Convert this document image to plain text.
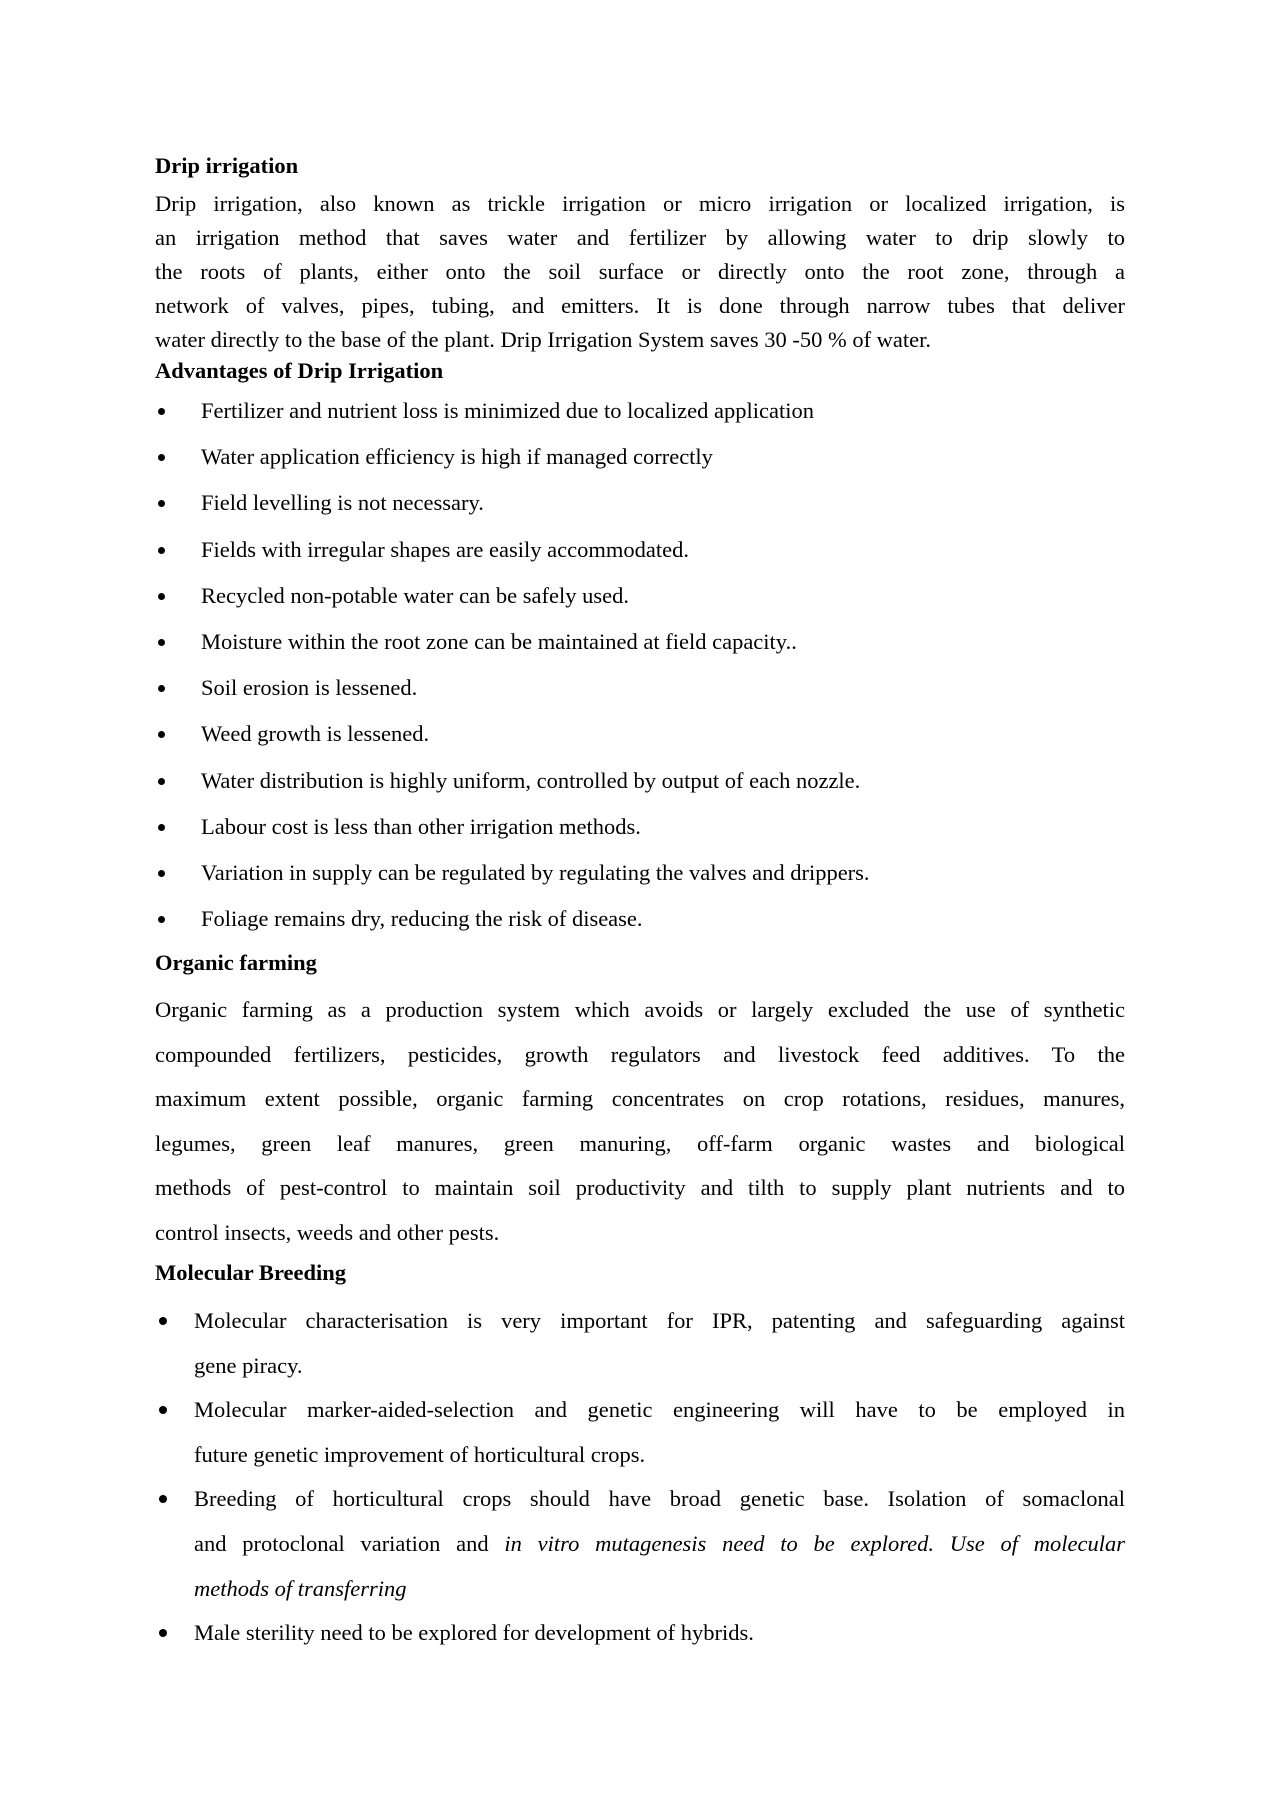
Drip irrigation
Drip irrigation, also known as trickle irrigation or micro irrigation or localized irrigation, is
an irrigation method that saves water and fertilizer by allowing water to drip slowly to
the roots of plants, either onto the soil surface or directly onto the root zone, through a
network of valves, pipes, tubing, and emitters. It is done through narrow tubes that deliver
water directly to the base of the plant. Drip Irrigation System saves 30 -50 % of water.
Advantages of Drip Irrigation
Fertilizer and nutrient loss is minimized due to localized application
Water application efficiency is high if managed correctly
Field levelling is not necessary.
Fields with irregular shapes are easily accommodated.
Recycled non-potable water can be safely used.
Moisture within the root zone can be maintained at field capacity..
Soil erosion is lessened.
Weed growth is lessened.
Water distribution is highly uniform, controlled by output of each nozzle.
Labour cost is less than other irrigation methods.
Variation in supply can be regulated by regulating the valves and drippers.
Foliage remains dry, reducing the risk of disease.
Organic farming
Organic farming as a production system which avoids or largely excluded the use of synthetic
compounded fertilizers, pesticides, growth regulators and livestock feed additives. To the
maximum extent possible, organic farming concentrates on crop rotations, residues, manures,
legumes, green leaf manures, green manuring, off-farm organic wastes and biological
methods of pest-control to maintain soil productivity and tilth to supply plant nutrients and to
control insects, weeds and other pests.
Molecular Breeding
Molecular characterisation is very important for IPR, patenting and safeguarding against
gene piracy.
Molecular marker-aided-selection and genetic engineering will have to be employed in
future genetic improvement of horticultural crops.
Breeding of horticultural crops should have broad genetic base. Isolation of somaclonal
and protoclonal variation and in vitro mutagenesis need to be explored. Use of molecular
methods of transferring
Male sterility need to be explored for development of hybrids.
